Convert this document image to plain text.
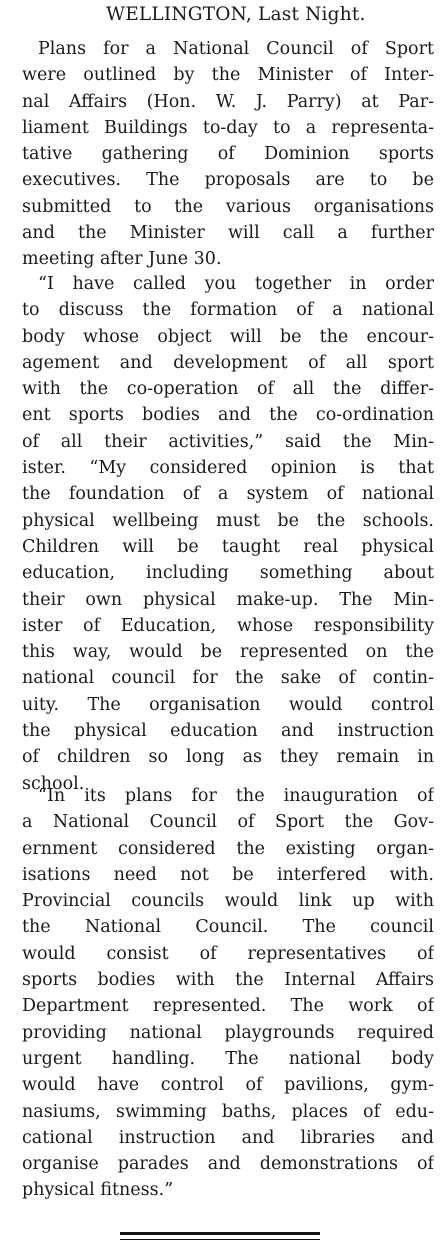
WELLINGTON, Last Night.
Plans for a National Council of Sport
were outlined by the Minister of Inter-
nal Affairs (Hon. W. J. Parry) at Par-
liament Buildings to-day to a representa-
tative gathering of Dominion sports
executives. The proposals are to be
submitted to the various organisations
and the Minister will call a further
meeting after June 30.
“I have called you together in order
to discuss the formation of a national
body whose object will be the encour-
agement and development of all sport
with the co-operation of all the differ-
ent sports bodies and the co-ordination
of all their activities,” said the Min-
ister. “My considered opinion is that
the foundation of a system of national
physical wellbeing must be the schools.
Children will be taught real physical
education, including something about
their own physical make-up. The Min-
ister of Education, whose responsibility
this way, would be represented on the
national council for the sake of contin-
uity. The organisation would control
the physical education and instruction
of children so long as they remain in
school.
“In its plans for the inauguration of
a National Council of Sport the Gov-
ernment considered the existing organ-
isations need not be interfered with.
Provincial councils would link up with
the National Council. The council
would consist of representatives of
sports bodies with the Internal Affairs
Department represented. The work of
providing national playgrounds required
urgent handling. The national body
would have control of pavilions, gym-
nasiums, swimming baths, places of edu-
cational instruction and libraries and
organise parades and demonstrations of
physical fitness.”
